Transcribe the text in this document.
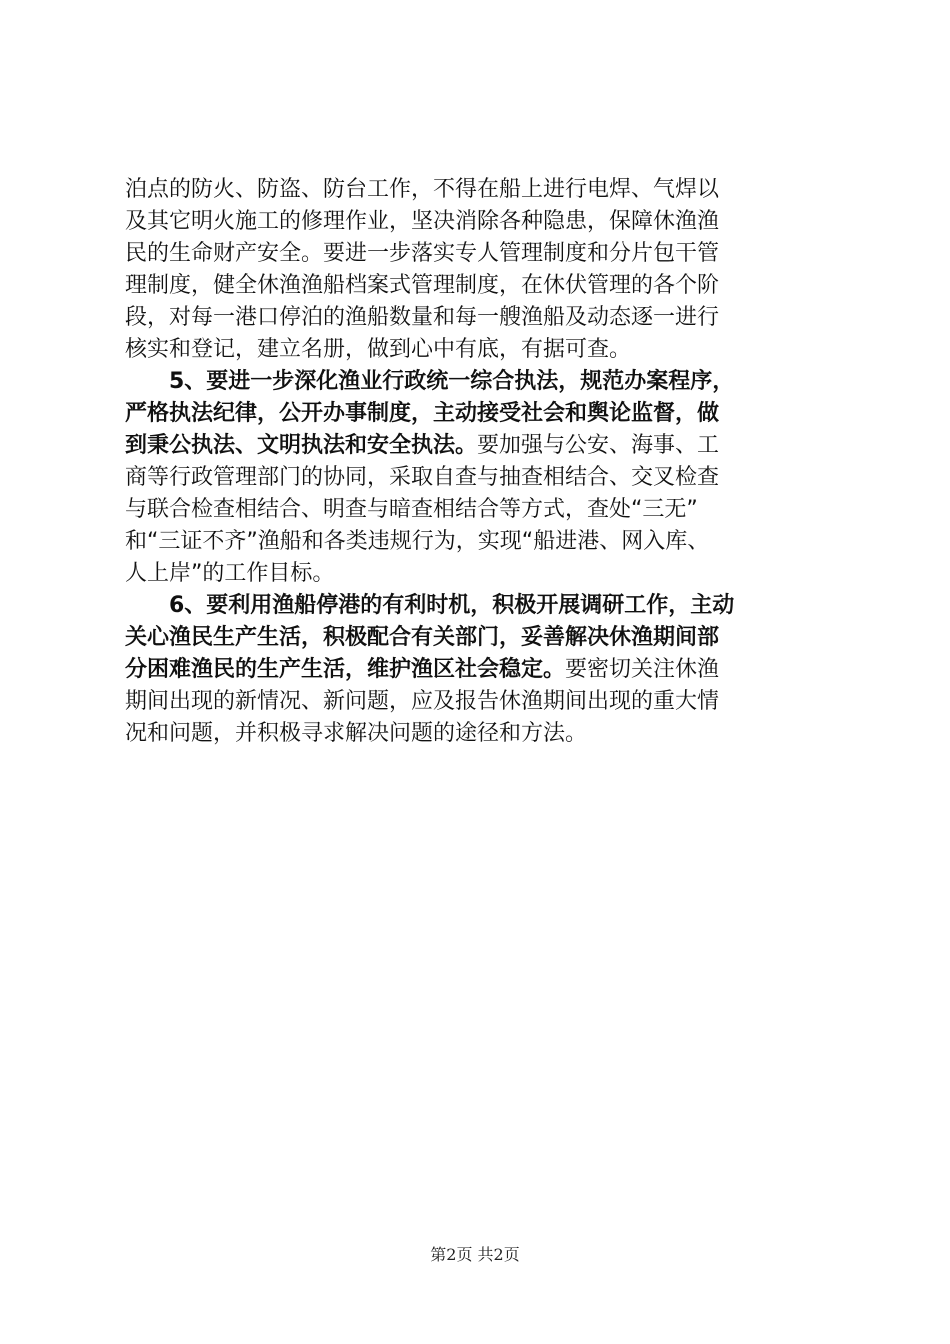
泊点的防火、防盗、防台工作，不得在船上进行电焊、气焊以
及其它明火施工的修理作业，坚决消除各种隐患，保障休渔渔
民的生命财产安全。要进一步落实专人管理制度和分片包干管
理制度，健全休渔渔船档案式管理制度，在休伏管理的各个阶
段，对每一港口停泊的渔船数量和每一艘渔船及动态逐一进行
核实和登记，建立名册，做到心中有底，有据可查。
5、要进一步深化渔业行政统一综合执法，规范办案程序，
严格执法纪律，公开办事制度，主动接受社会和舆论监督，做
到秉公执法、文明执法和安全执法。要加强与公安、海事、工
商等行政管理部门的协同，采取自查与抽查相结合、交叉检查
与联合检查相结合、明查与暗查相结合等方式，查处“三无”
和“三证不齐”渔船和各类违规行为，实现“船进港、网入库、
人上岸”的工作目标。
6、要利用渔船停港的有利时机，积极开展调研工作，主动
关心渔民生产生活，积极配合有关部门，妥善解决休渔期间部
分困难渔民的生产生活，维护渔区社会稳定。要密切关注休渔
期间出现的新情况、新问题，应及报告休渔期间出现的重大情
况和问题，并积极寻求解决问题的途径和方法。
第2页 共2页
